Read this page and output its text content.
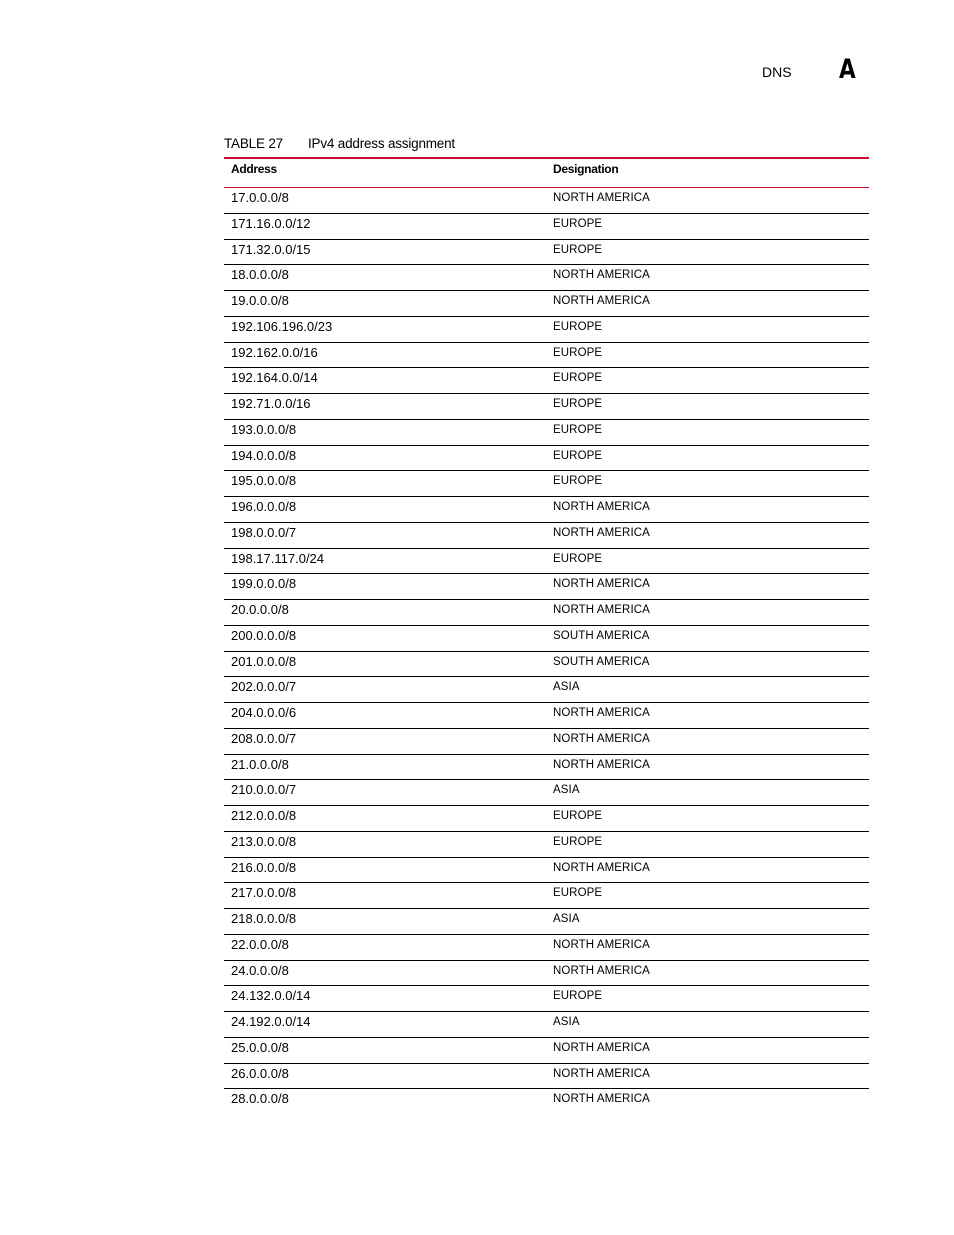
DNS A
TABLE 27 IPv4 address assignment
Address	Designation
17.0.0.0/8	NORTH AMERICA
171.16.0.0/12	EUROPE
171.32.0.0/15	EUROPE
18.0.0.0/8	NORTH AMERICA
19.0.0.0/8	NORTH AMERICA
192.106.196.0/23	EUROPE
192.162.0.0/16	EUROPE
192.164.0.0/14	EUROPE
192.71.0.0/16	EUROPE
193.0.0.0/8	EUROPE
194.0.0.0/8	EUROPE
195.0.0.0/8	EUROPE
196.0.0.0/8	NORTH AMERICA
198.0.0.0/7	NORTH AMERICA
198.17.117.0/24	EUROPE
199.0.0.0/8	NORTH AMERICA
20.0.0.0/8	NORTH AMERICA
200.0.0.0/8	SOUTH AMERICA
201.0.0.0/8	SOUTH AMERICA
202.0.0.0/7	ASIA
204.0.0.0/6	NORTH AMERICA
208.0.0.0/7	NORTH AMERICA
21.0.0.0/8	NORTH AMERICA
210.0.0.0/7	ASIA
212.0.0.0/8	EUROPE
213.0.0.0/8	EUROPE
216.0.0.0/8	NORTH AMERICA
217.0.0.0/8	EUROPE
218.0.0.0/8	ASIA
22.0.0.0/8	NORTH AMERICA
24.0.0.0/8	NORTH AMERICA
24.132.0.0/14	EUROPE
24.192.0.0/14	ASIA
25.0.0.0/8	NORTH AMERICA
26.0.0.0/8	NORTH AMERICA
28.0.0.0/8	NORTH AMERICA
